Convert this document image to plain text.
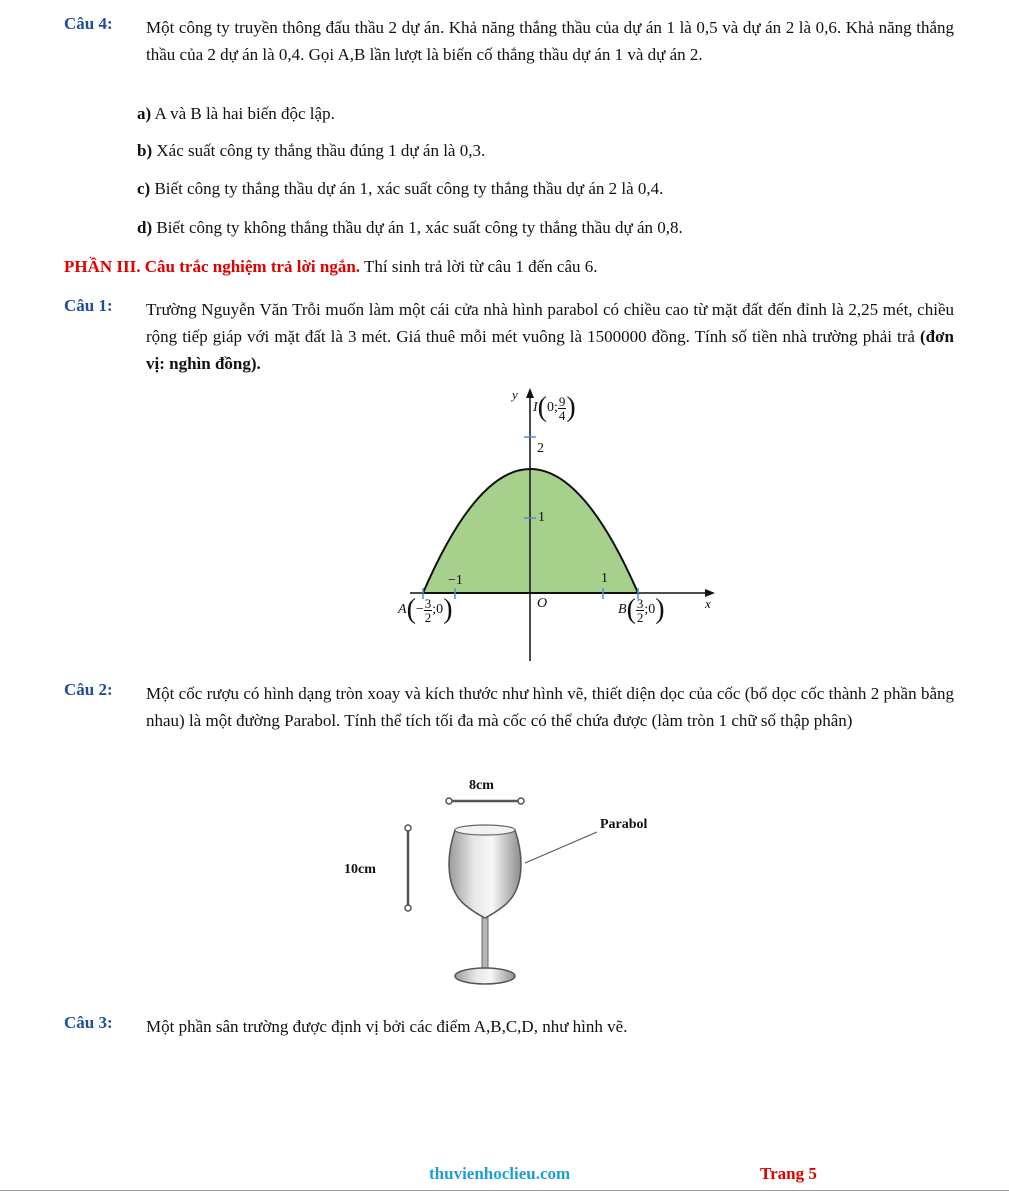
Câu 4: Một công ty truyền thông đấu thầu 2 dự án. Khả năng thắng thầu của dự án 1 là 0,5 và dự án 2 là 0,6. Khả năng thắng thầu của 2 dự án là 0,4. Gọi A,B lần lượt là biến cố thắng thầu dự án 1 và dự án 2.
a) A và B là hai biến độc lập.
b) Xác suất công ty thắng thầu đúng 1 dự án là 0,3.
c) Biết công ty thắng thầu dự án 1, xác suất công ty thắng thầu dự án 2 là 0,4.
d) Biết công ty không thắng thầu dự án 1, xác suất công ty thắng thầu dự án 0,8.
PHẦN III. Câu trắc nghiệm trả lời ngắn. Thí sinh trả lời từ câu 1 đến câu 6.
Câu 1: Trường Nguyễn Văn Trỗi muốn làm một cái cửa nhà hình parabol có chiều cao từ mặt đất đến đỉnh là 2,25 mét, chiều rộng tiếp giáp với mặt đất là 3 mét. Giá thuê mỗi mét vuông là 1500000 đồng. Tính số tiền nhà trường phải trả (đơn vị: nghìn đồng).
y
x
O
2
1
−1	1
I ( 0; $\frac{9}{4}$ )
A ( − $\frac{3}{2}$ ;0 )	B ( $\frac{3}{2}$ ;0 )
Câu 2: Một cốc rượu có hình dạng tròn xoay và kích thước như hình vẽ, thiết diện dọc của cốc (bổ dọc cốc thành 2 phần bằng nhau) là một đường Parabol. Tính thể tích tối đa mà cốc có thể chứa được (làm tròn 1 chữ số thập phân)
8cm
10cm
Parabol
Câu 3: Một phần sân trường được định vị bởi các điểm A,B,C,D, như hình vẽ.
thuvienhoclieu.com	Trang 5
